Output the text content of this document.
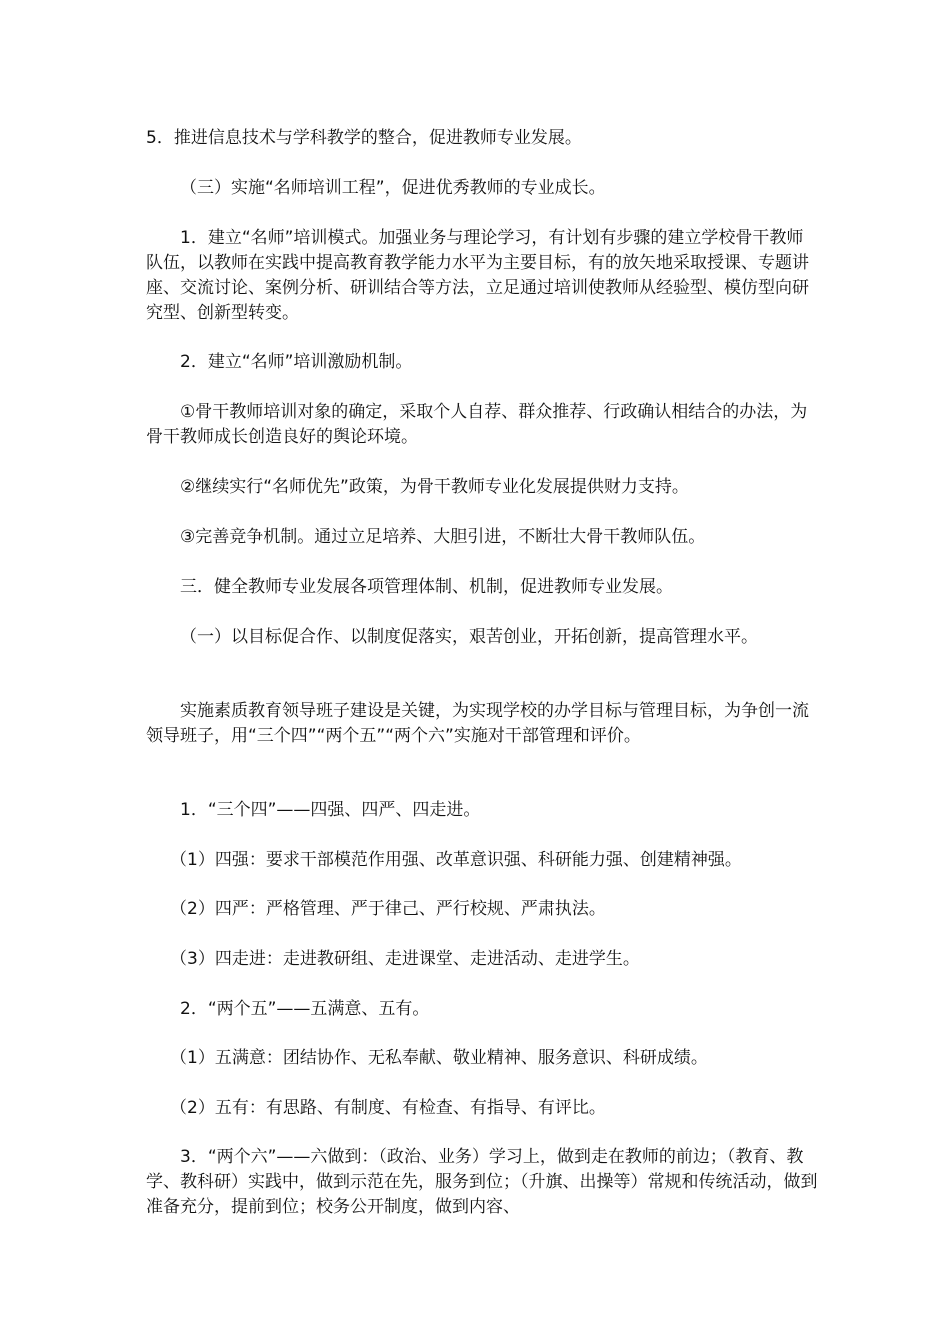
5．推进信息技术与学科教学的整合，促进教师专业发展。

（三）实施“名师培训工程”，促进优秀教师的专业成长。

1．建立“名师”培训模式。加强业务与理论学习，有计划有步骤的建立学校骨干教师队伍，以教师在实践中提高教育教学能力水平为主要目标，有的放矢地采取授课、专题讲座、交流讨论、案例分析、研训结合等方法，立足通过培训使教师从经验型、模仿型向研究型、创新型转变。

2．建立“名师”培训激励机制。

①骨干教师培训对象的确定，采取个人自荐、群众推荐、行政确认相结合的办法，为骨干教师成长创造良好的舆论环境。

②继续实行“名师优先”政策，为骨干教师专业化发展提供财力支持。

③完善竞争机制。通过立足培养、大胆引进，不断壮大骨干教师队伍。

三．健全教师专业发展各项管理体制、机制，促进教师专业发展。

（一）以目标促合作、以制度促落实，艰苦创业，开拓创新，提高管理水平。

实施素质教育领导班子建设是关键，为实现学校的办学目标与管理目标，为争创一流领导班子，用“三个四”“两个五”“两个六”实施对干部管理和评价。

1．“三个四”——四强、四严、四走进。

（1）四强：要求干部模范作用强、改革意识强、科研能力强、创建精神强。

（2）四严：严格管理、严于律己、严行校规、严肃执法。

（3）四走进：走进教研组、走进课堂、走进活动、走进学生。

2．“两个五”——五满意、五有。

（1）五满意：团结协作、无私奉献、敬业精神、服务意识、科研成绩。

（2）五有：有思路、有制度、有检查、有指导、有评比。

3．“两个六”——六做到：（政治、业务）学习上，做到走在教师的前边；（教育、教学、教科研）实践中，做到示范在先，服务到位；（升旗、出操等）常规和传统活动，做到准备充分，提前到位；校务公开制度，做到内容、
